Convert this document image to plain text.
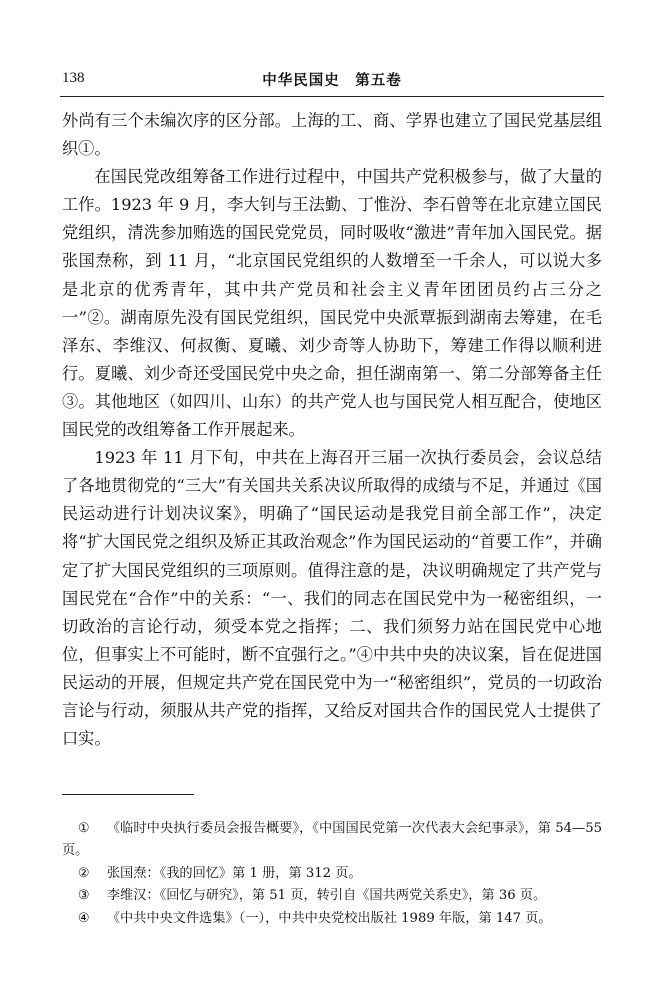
138	中华民国史　第五卷

外尚有三个未编次序的区分部。上海的工、商、学界也建立了国民党基层组织①。

在国民党改组筹备工作进行过程中，中国共产党积极参与，做了大量的工作。1923 年 9 月，李大钊与王法勤、丁惟汾、李石曾等在北京建立国民党组织，清洗参加贿选的国民党党员，同时吸收“激进”青年加入国民党。据张国焘称，到 11 月，“北京国民党组织的人数增至一千余人，可以说大多是北京的优秀青年，其中共产党员和社会主义青年团团员约占三分之一”②。湖南原先没有国民党组织，国民党中央派覃振到湖南去筹建，在毛泽东、李维汉、何叔衡、夏曦、刘少奇等人协助下，筹建工作得以顺利进行。夏曦、刘少奇还受国民党中央之命，担任湖南第一、第二分部筹备主任③。其他地区（如四川、山东）的共产党人也与国民党人相互配合，使地区国民党的改组筹备工作开展起来。

1923 年 11 月下旬，中共在上海召开三届一次执行委员会，会议总结了各地贯彻党的“三大”有关国共关系决议所取得的成绩与不足，并通过《国民运动进行计划决议案》，明确了“国民运动是我党目前全部工作”，决定将“扩大国民党之组织及矫正其政治观念”作为国民运动的“首要工作”，并确定了扩大国民党组织的三项原则。值得注意的是，决议明确规定了共产党与国民党在“合作”中的关系：“一、我们的同志在国民党中为一秘密组织，一切政治的言论行动，须受本党之指挥；二、我们须努力站在国民党中心地位，但事实上不可能时，断不宜强行之。”④中共中央的决议案，旨在促进国民运动的开展，但规定共产党在国民党中为一“秘密组织”，党员的一切政治言论与行动，须服从共产党的指挥，又给反对国共合作的国民党人士提供了口实。

① 《临时中央执行委员会报告概要》，《中国国民党第一次代表大会纪事录》，第 54—55 页。

② 张国焘：《我的回忆》第 1 册，第 312 页。

③ 李维汉：《回忆与研究》，第 51 页，转引自《国共两党关系史》，第 36 页。

④ 《中共中央文件选集》（一），中共中央党校出版社 1989 年版，第 147 页。
